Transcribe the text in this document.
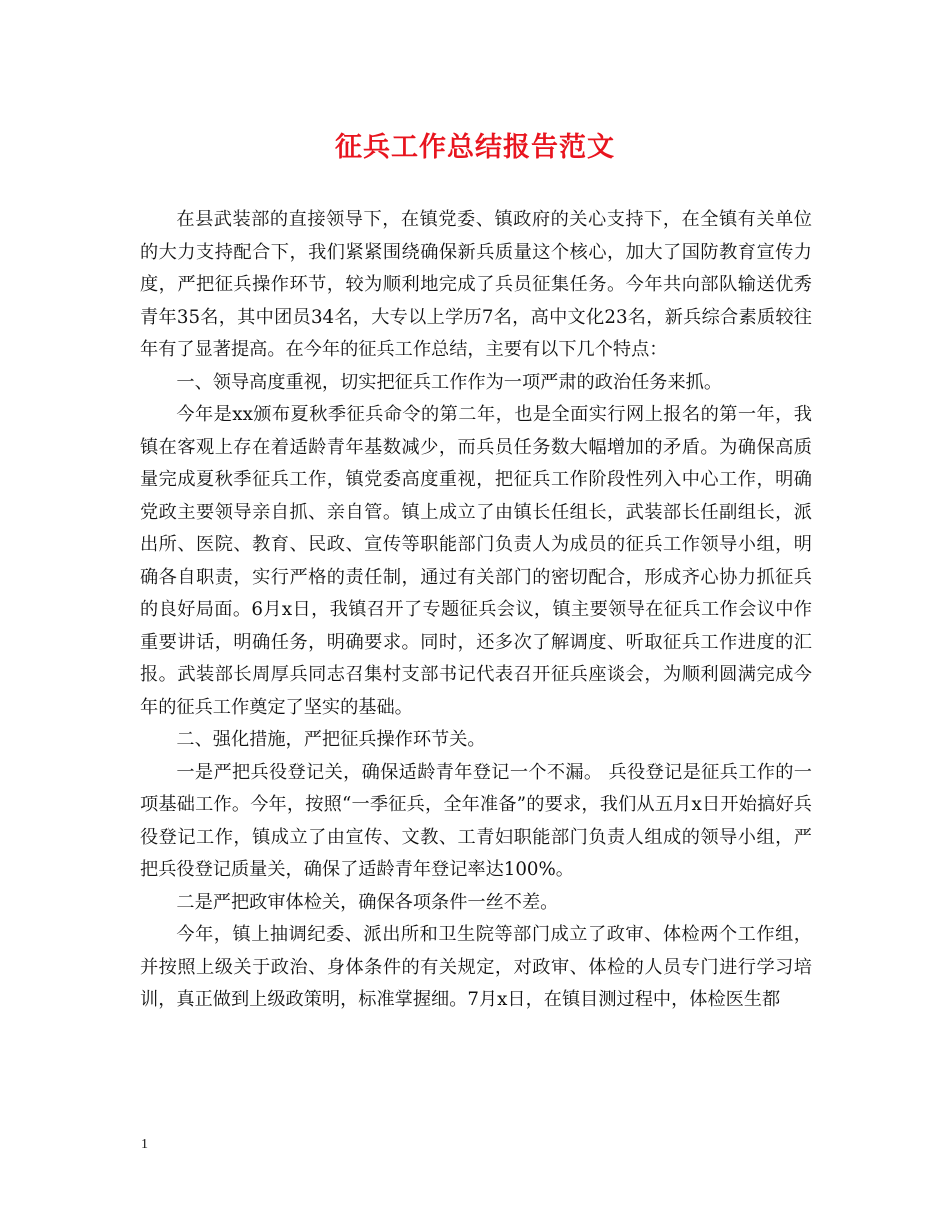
征兵工作总结报告范文

在县武装部的直接领导下，在镇党委、镇政府的关心支持下，在全镇有关单位的大力支持配合下，我们紧紧围绕确保新兵质量这个核心，加大了国防教育宣传力度，严把征兵操作环节，较为顺利地完成了兵员征集任务。今年共向部队输送优秀青年35名，其中团员34名，大专以上学历7名，高中文化23名，新兵综合素质较往年有了显著提高。在今年的征兵工作总结，主要有以下几个特点：

一、领导高度重视，切实把征兵工作作为一项严肃的政治任务来抓。

今年是xx颁布夏秋季征兵命令的第二年，也是全面实行网上报名的第一年，我镇在客观上存在着适龄青年基数减少，而兵员任务数大幅增加的矛盾。为确保高质量完成夏秋季征兵工作，镇党委高度重视，把征兵工作阶段性列入中心工作，明确党政主要领导亲自抓、亲自管。镇上成立了由镇长任组长，武装部长任副组长，派出所、医院、教育、民政、宣传等职能部门负责人为成员的征兵工作领导小组，明确各自职责，实行严格的责任制，通过有关部门的密切配合，形成齐心协力抓征兵的良好局面。6月x日，我镇召开了专题征兵会议，镇主要领导在征兵工作会议中作重要讲话，明确任务，明确要求。同时，还多次了解调度、听取征兵工作进度的汇报。武装部长周厚兵同志召集村支部书记代表召开征兵座谈会，为顺利圆满完成今年的征兵工作奠定了坚实的基础。

二、强化措施，严把征兵操作环节关。

一是严把兵役登记关，确保适龄青年登记一个不漏。 兵役登记是征兵工作的一项基础工作。今年，按照“一季征兵，全年准备”的要求，我们从五月x日开始搞好兵役登记工作，镇成立了由宣传、文教、工青妇职能部门负责人组成的领导小组，严把兵役登记质量关，确保了适龄青年登记率达100%。

二是严把政审体检关，确保各项条件一丝不差。

今年，镇上抽调纪委、派出所和卫生院等部门成立了政审、体检两个工作组，并按照上级关于政治、身体条件的有关规定，对政审、体检的人员专门进行学习培训，真正做到上级政策明，标准掌握细。7月x日，在镇目测过程中，体检医生都

1
